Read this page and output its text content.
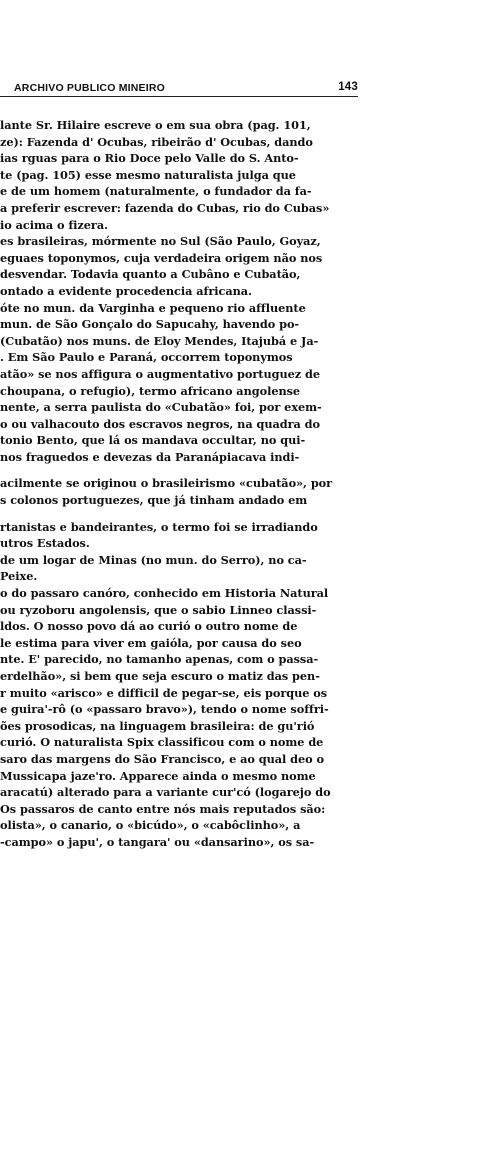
ARCHIVO PUBLICO MINEIRO	143
lante Sr. Hilaire escreve o em sua obra (pag. 101,
ze): Fazenda d' Ocubas, ribeirão d' Ocubas, dando
ias rguas para o Rio Doce pelo Valle do S. Anto-
te (pag. 105) esse mesmo naturalista julga que
e de um homem (naturalmente, o fundador da fa-
a preferir escrever: fazenda do Cubas, rio do Cubas»
io acima o fizera.
es brasileiras, mórmente no Sul (São Paulo, Goyaz,
eguaes toponymos, cuja verdadeira origem não nos
desvendar. Todavia quanto a Cubâno e Cubatão,
ontado a evidente procedencia africana.
óte no mun. da Varginha e pequeno rio affluente
mun. de São Gonçalo do Sapucahy, havendo po-
(Cubatão) nos muns. de Eloy Mendes, Itajubá e Ja-
. Em São Paulo e Paraná, occorrem toponymos
atão» se nos affigura o augmentativo portuguez de
choupana, o refugio), termo africano angolense
nente, a serra paulista do «Cubatão» foi, por exem-
o ou valhacouto dos escravos negros, na quadra do
tonio Bento, que lá os mandava occultar, no qui-
nos fraguedos e devezas da Paranápiacava indi-
acilmente se originou o brasileirismo «cubatão», por
s colonos portuguezes, que já tinham andado em
rtanistas e bandeirantes, o termo foi se irradiando
utros Estados.
de um logar de Minas (no mun. do Serro), no ca-
Peixe.
o do passaro canóro, conhecido em Historia Natural
ou ryzoboru angolensis, que o sabio Linneo classi-
ldos. O nosso povo dá ao curió o outro nome de
le estima para viver em gaióla, por causa do seo
nte. E' parecido, no tamanho apenas, com o passa-
erdelhão», si bem que seja escuro o matiz das pen-
r muito «arisco» e difficil de pegar-se, eis porque os
e guira'-rô (o «passaro bravo»), tendo o nome soffri-
ões prosodicas, na linguagem brasileira: de gu'rió
curió. O naturalista Spix classificou com o nome de
saro das margens do São Francisco, e ao qual deo o
Mussicapa jaze'ro. Apparece ainda o mesmo nome
aracatú) alterado para a variante cur'có (logarejo do
Os passaros de canto entre nós mais reputados são:
olista», o canario, o «bicúdo», o «cabôclinho», a
-campo» o japu', o tangara' ou «dansarino», os sa-
